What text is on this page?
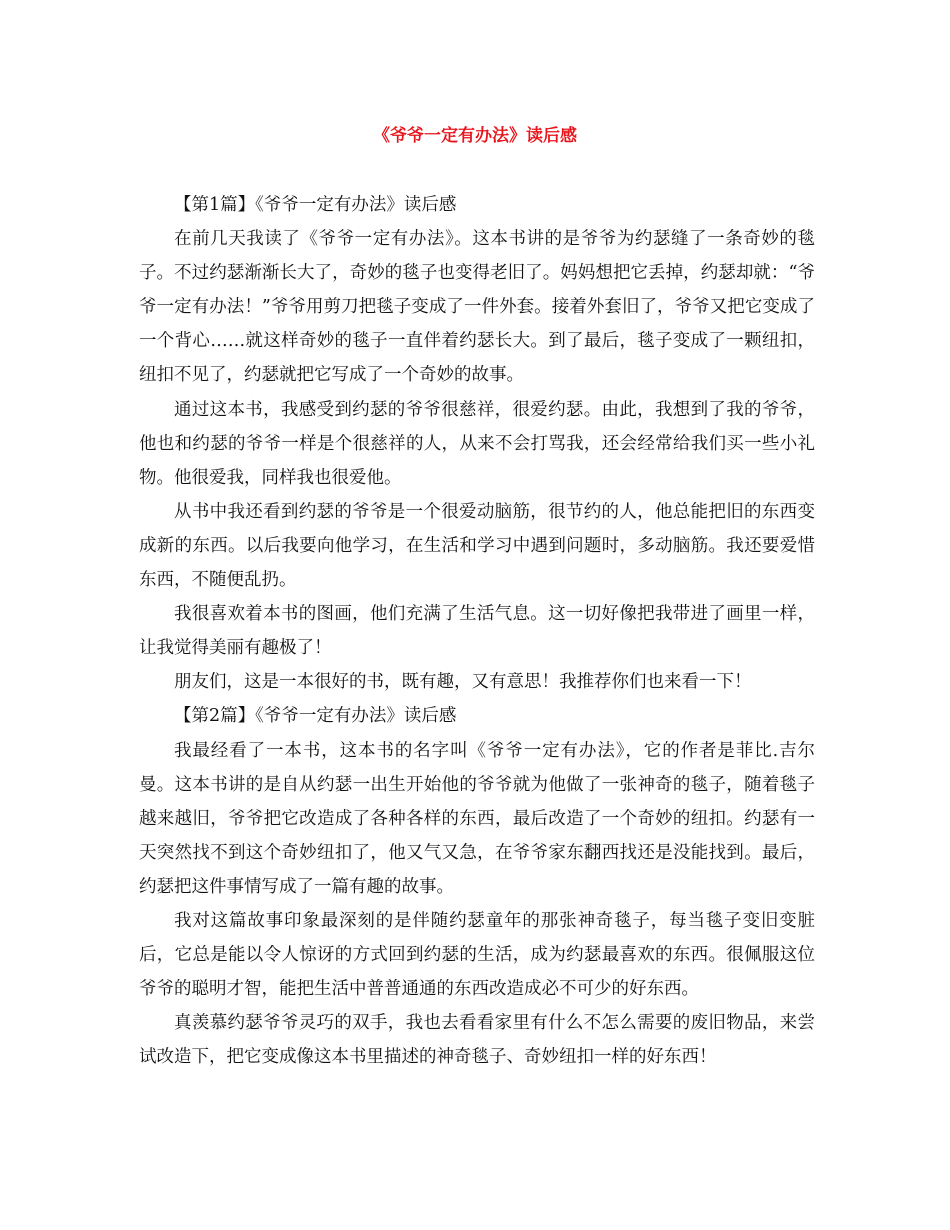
《爷爷一定有办法》读后感

【第1篇】《爷爷一定有办法》读后感

在前几天我读了《爷爷一定有办法》。这本书讲的是爷爷为约瑟缝了一条奇妙的毯子。不过约瑟渐渐长大了，奇妙的毯子也变得老旧了。妈妈想把它丢掉，约瑟却就：“爷爷一定有办法！”爷爷用剪刀把毯子变成了一件外套。接着外套旧了，爷爷又把它变成了一个背心……就这样奇妙的毯子一直伴着约瑟长大。到了最后，毯子变成了一颗纽扣，纽扣不见了，约瑟就把它写成了一个奇妙的故事。

通过这本书，我感受到约瑟的爷爷很慈祥，很爱约瑟。由此，我想到了我的爷爷，他也和约瑟的爷爷一样是个很慈祥的人，从来不会打骂我，还会经常给我们买一些小礼物。他很爱我，同样我也很爱他。

从书中我还看到约瑟的爷爷是一个很爱动脑筋，很节约的人，他总能把旧的东西变成新的东西。以后我要向他学习，在生活和学习中遇到问题时，多动脑筋。我还要爱惜东西，不随便乱扔。

我很喜欢着本书的图画，他们充满了生活气息。这一切好像把我带进了画里一样，让我觉得美丽有趣极了！

朋友们，这是一本很好的书，既有趣，又有意思！我推荐你们也来看一下！

【第2篇】《爷爷一定有办法》读后感

我最经看了一本书，这本书的名字叫《爷爷一定有办法》，它的作者是菲比.吉尔曼。这本书讲的是自从约瑟一出生开始他的爷爷就为他做了一张神奇的毯子，随着毯子越来越旧，爷爷把它改造成了各种各样的东西，最后改造了一个奇妙的纽扣。约瑟有一天突然找不到这个奇妙纽扣了，他又气又急，在爷爷家东翻西找还是没能找到。最后，约瑟把这件事情写成了一篇有趣的故事。

我对这篇故事印象最深刻的是伴随约瑟童年的那张神奇毯子，每当毯子变旧变脏后，它总是能以令人惊讶的方式回到约瑟的生活，成为约瑟最喜欢的东西。很佩服这位爷爷的聪明才智，能把生活中普普通通的东西改造成必不可少的好东西。

真羡慕约瑟爷爷灵巧的双手，我也去看看家里有什么不怎么需要的废旧物品，来尝试改造下，把它变成像这本书里描述的神奇毯子、奇妙纽扣一样的好东西！
